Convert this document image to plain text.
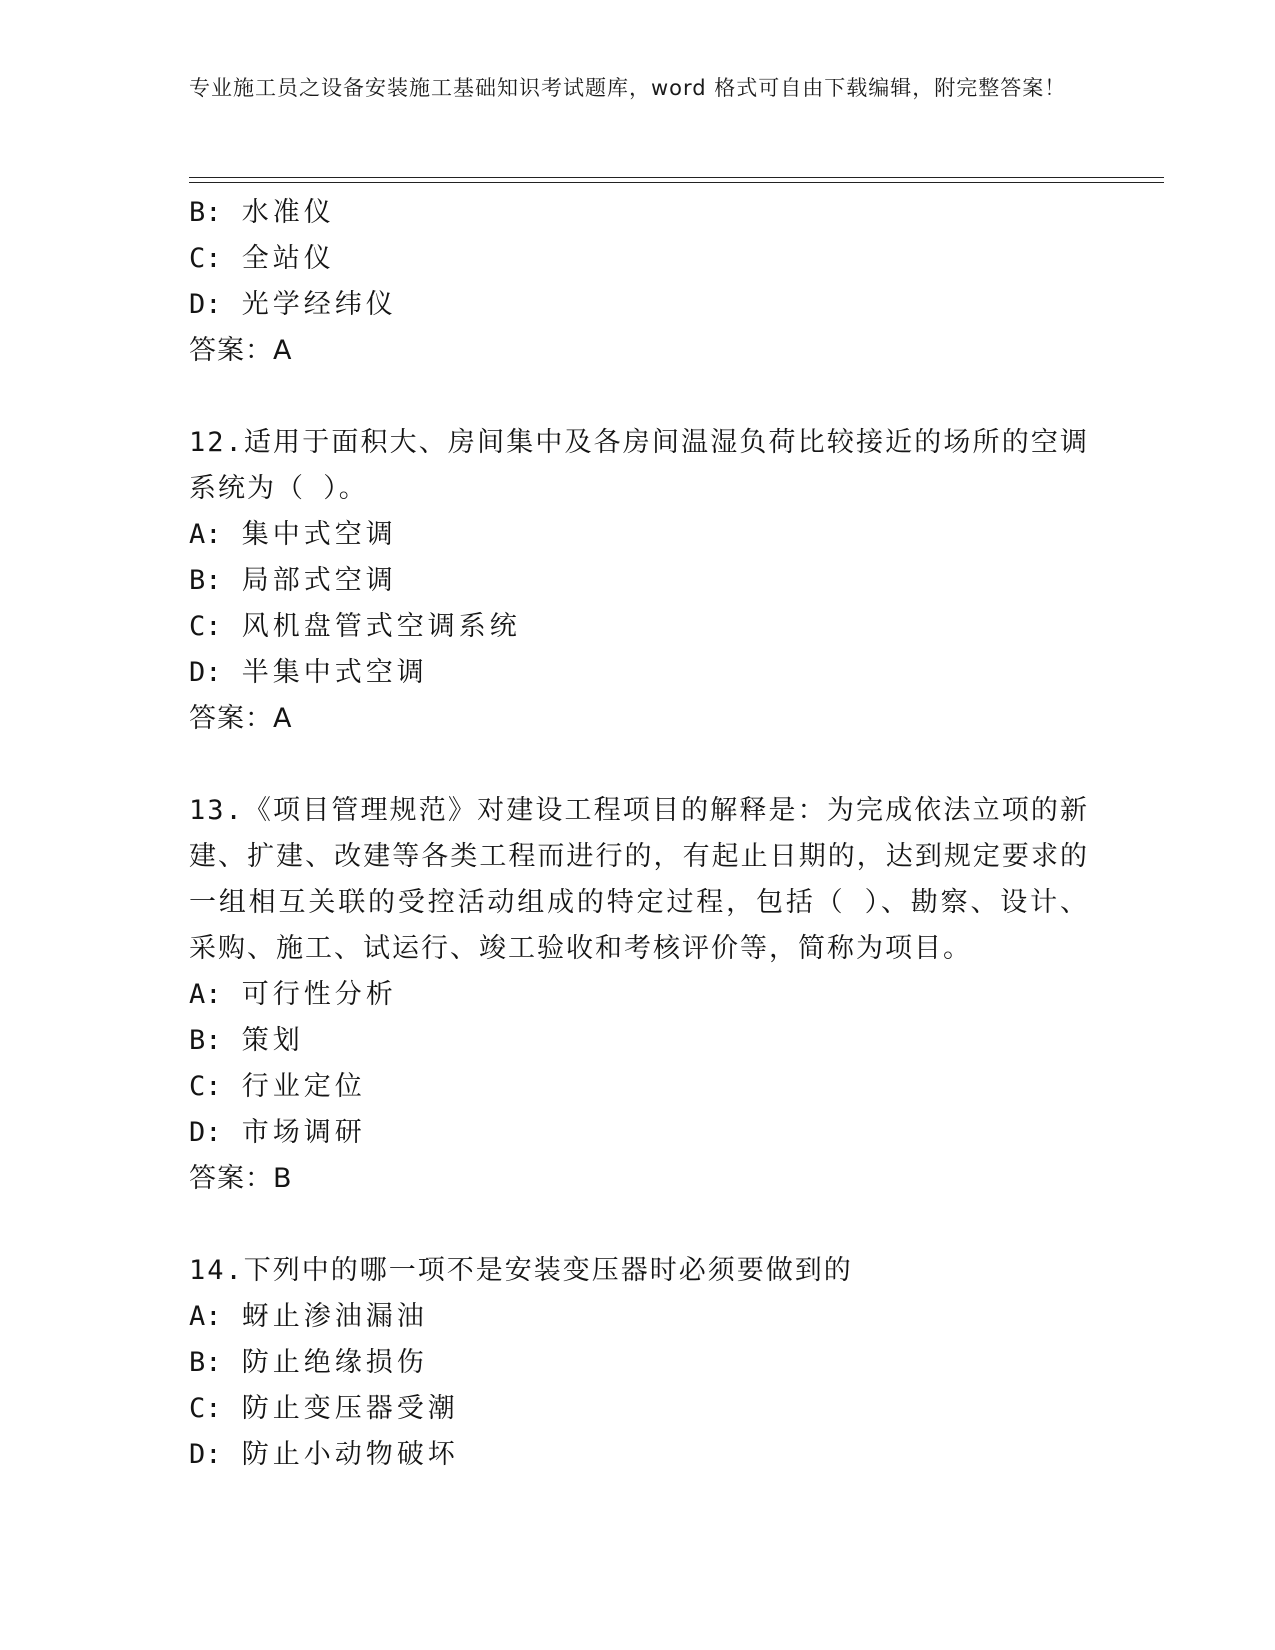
专业施工员之设备安装施工基础知识考试题库，word 格式可自由下载编辑，附完整答案！
B: 水准仪
C: 全站仪
D: 光学经纬仪
答案：A
12.适用于面积大、房间集中及各房间温湿负荷比较接近的场所的空调系统为（ ）。
A: 集中式空调
B: 局部式空调
C: 风机盘管式空调系统
D: 半集中式空调
答案：A
13.《项目管理规范》对建设工程项目的解释是：为完成依法立项的新建、扩建、改建等各类工程而进行的，有起止日期的，达到规定要求的一组相互关联的受控活动组成的特定过程，包括（ ）、勘察、设计、采购、施工、试运行、竣工验收和考核评价等，简称为项目。
A: 可行性分析
B: 策划
C: 行业定位
D: 市场调研
答案：B
14.下列中的哪一项不是安装变压器时必须要做到的
A: 蚜止渗油漏油
B: 防止绝缘损伤
C: 防止变压器受潮
D: 防止小动物破坏
